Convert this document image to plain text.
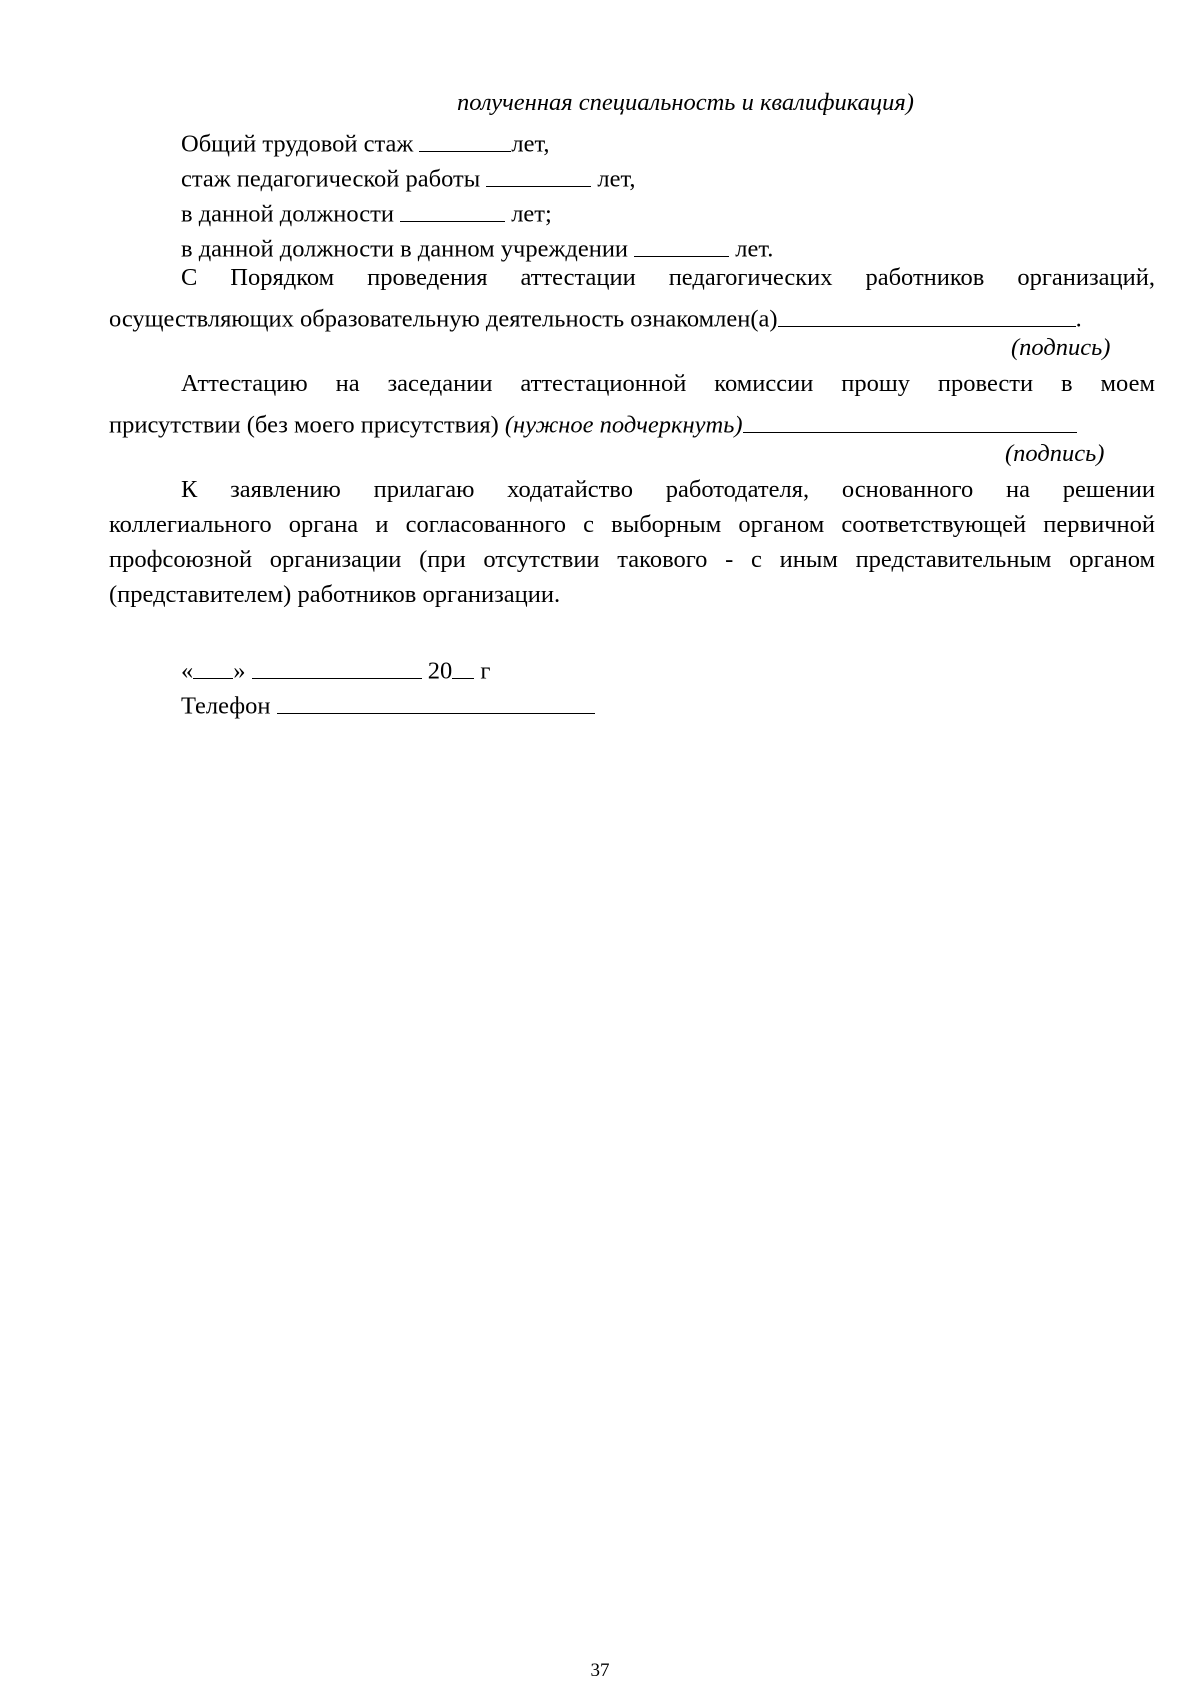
полученная специальность и квалификация)
Общий трудовой стаж	лет,
стаж педагогической работы	лет,
в данной должности	лет;
в данной должности в данном учреждении	лет.
С Порядком проведения аттестации педагогических работников организаций,
осуществляющих образовательную деятельность ознакомлен(а)	.
(подпись)
Аттестацию на заседании аттестационной комиссии прошу провести в моем
присутствии (без моего присутствия) (нужное подчеркнуть)
(подпись)
К заявлению прилагаю ходатайство работодателя, основанного на решении
коллегиального органа и согласованного с выборным органом соответствующей первичной
профсоюзной организации (при отсутствии такового - с иным представительным органом
(представителем) работников организации.
« »	20 г
Телефон
37
